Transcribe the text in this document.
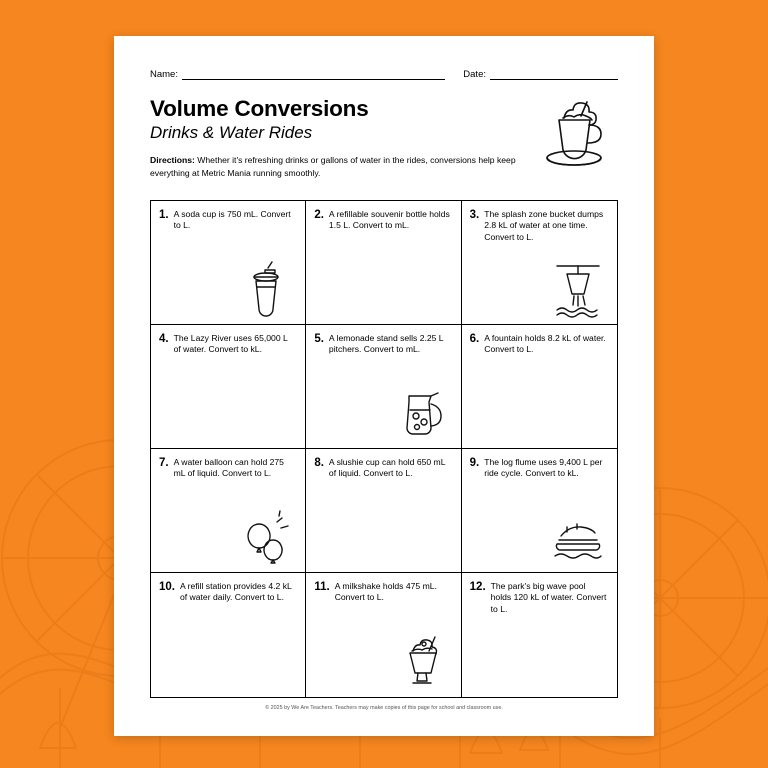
Name:	Date:
Volume Conversions

Drinks & Water Rides

Directions: Whether it's refreshing drinks or gallons of water in the rides, conversions help keep everything at Metric Mania running smoothly.

1. A soda cup is 750 mL. Convert to L.
2. A refillable souvenir bottle holds 1.5 L. Convert to mL.
3. The splash zone bucket dumps 2.8 kL of water at one time. Convert to L.
4. The Lazy River uses 65,000 L of water. Convert to kL.
5. A lemonade stand sells 2.25 L pitchers. Convert to mL.
6. A fountain holds 8.2 kL of water. Convert to L.
7. A water balloon can hold 275 mL of liquid. Convert to L.
8. A slushie cup can hold 650 mL of liquid. Convert to L.
9. The log flume uses 9,400 L per ride cycle. Convert to kL.
10. A refill station provides 4.2 kL of water daily. Convert to L.
11. A milkshake holds 475 mL. Convert to L.
12. The park's big wave pool holds 120 kL of water. Convert to L.
© 2025 by We Are Teachers. Teachers may make copies of this page for school and classroom use.
